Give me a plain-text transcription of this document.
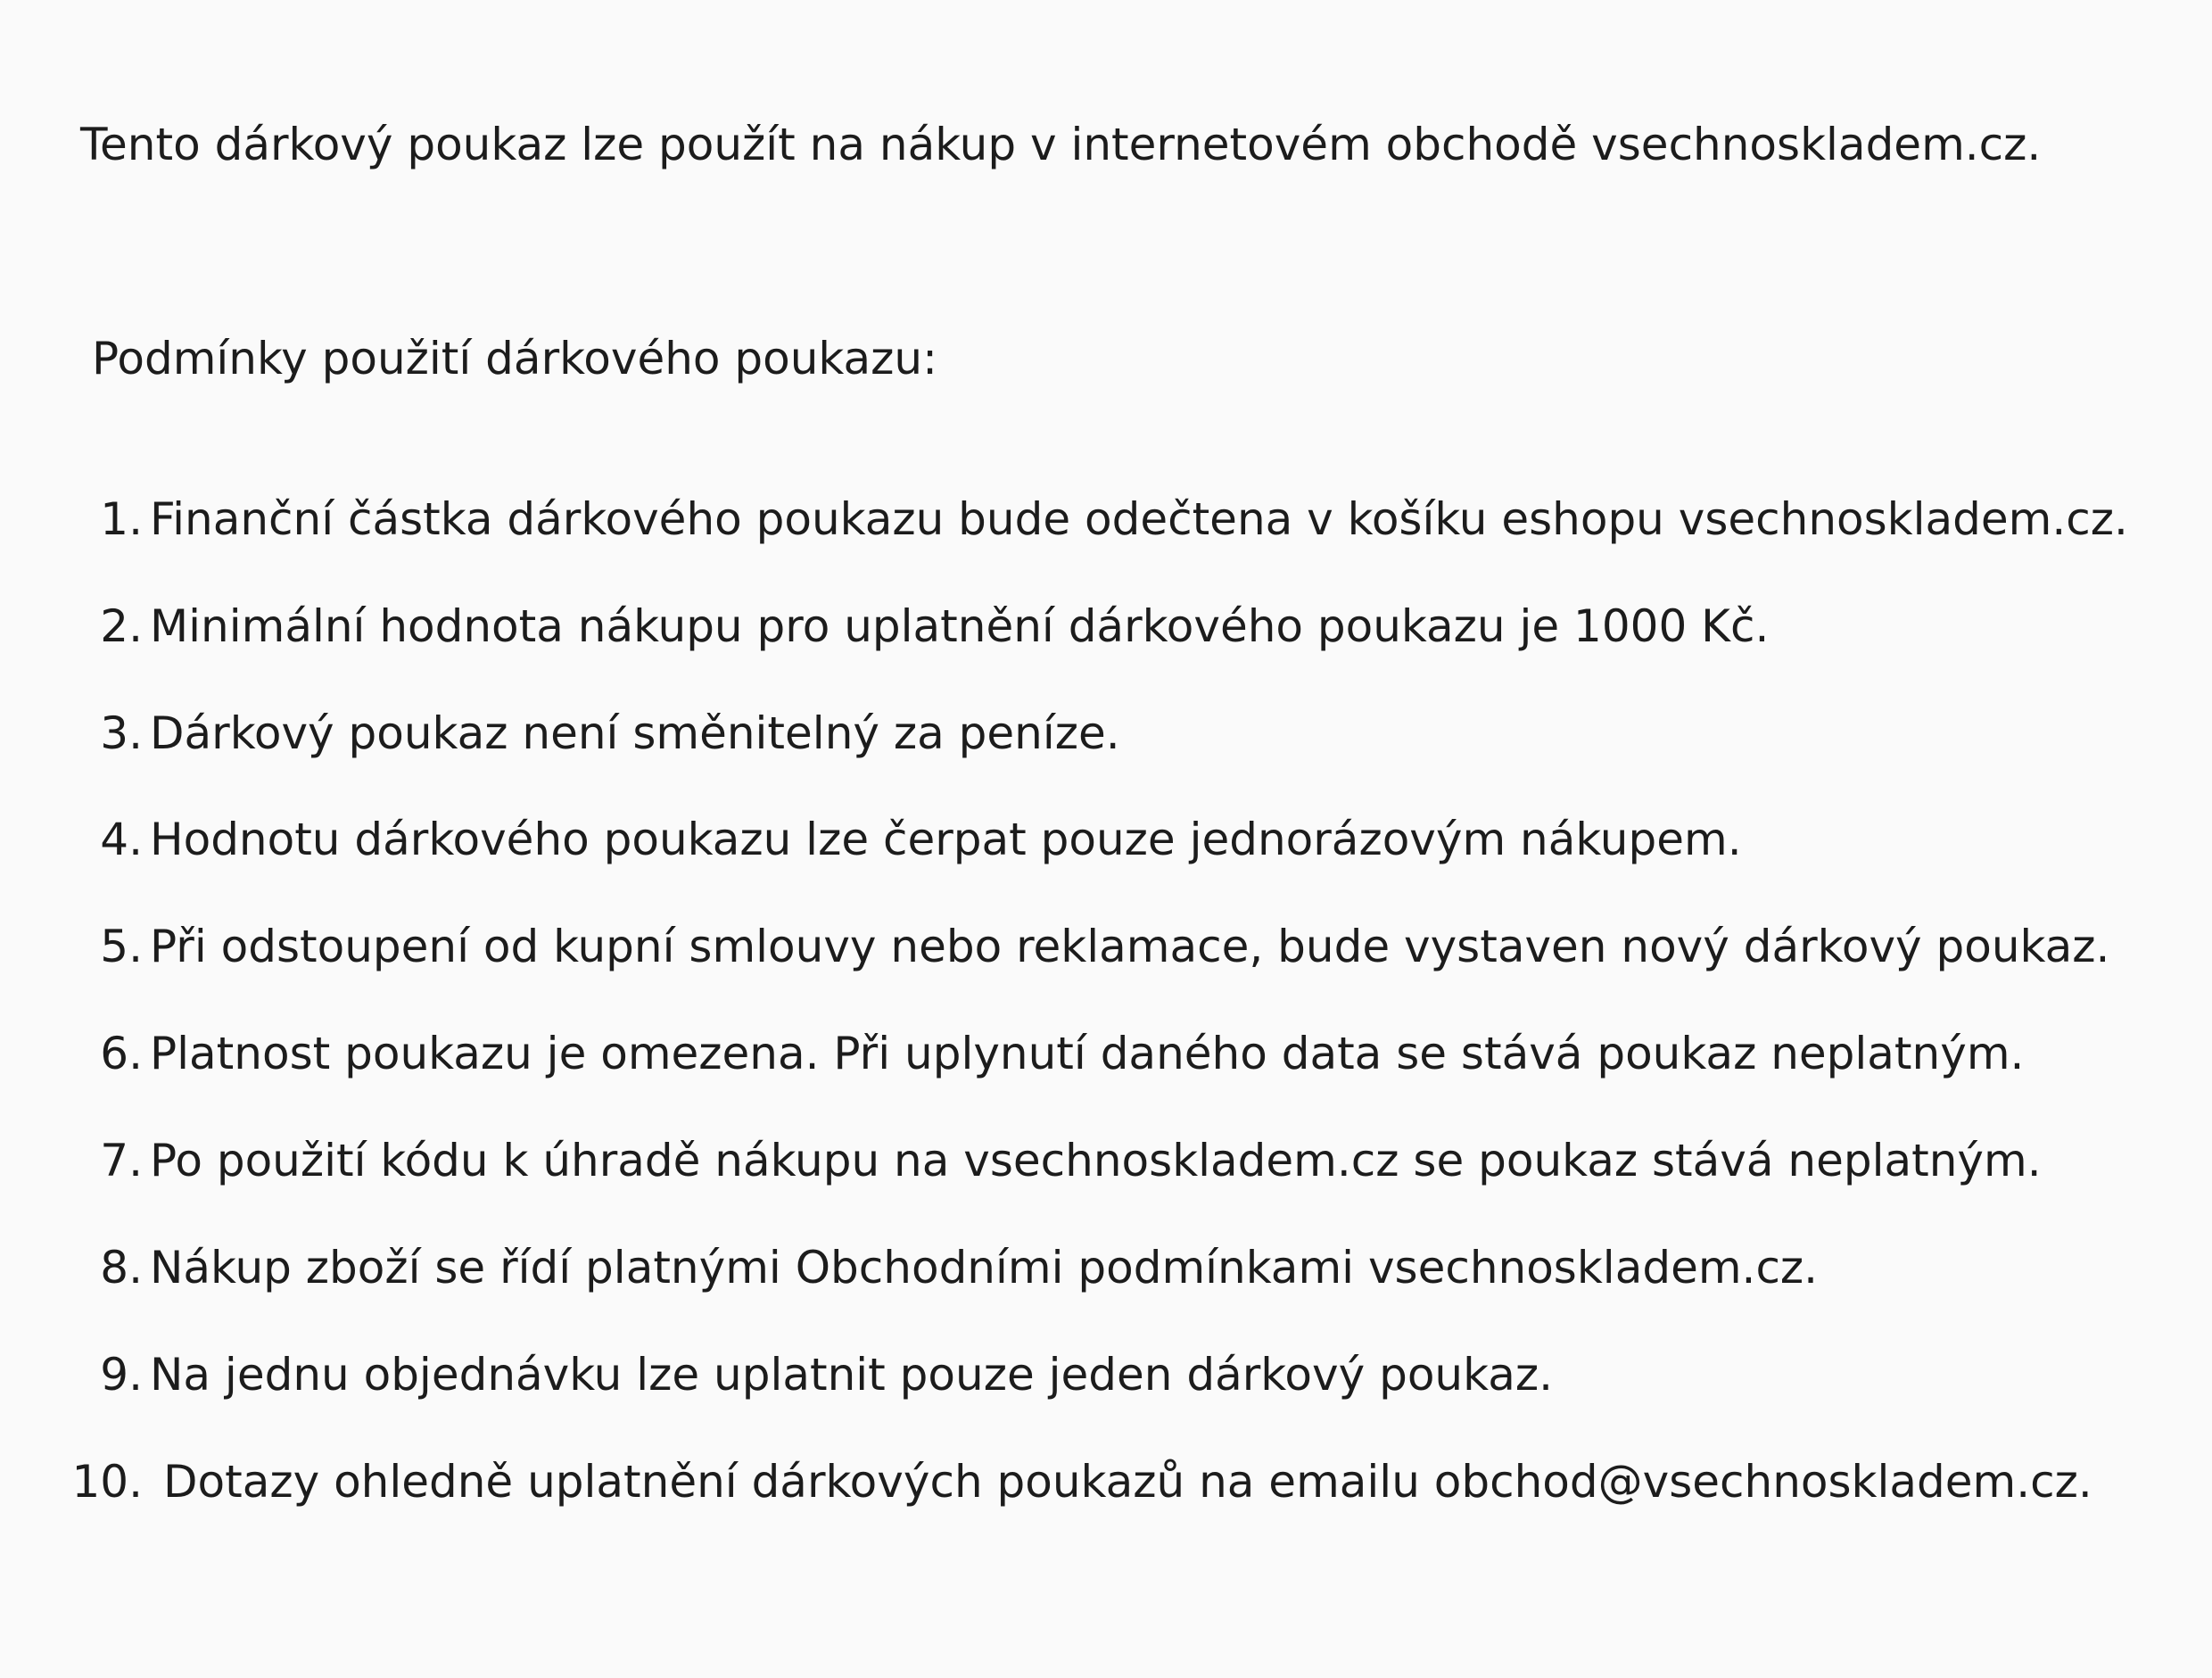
Tento dárkový poukaz lze použít na nákup v internetovém obchodě vsechnoskladem.cz.

Podmínky použití dárkového poukazu:
1. Finanční částka dárkového poukazu bude odečtena v košíku eshopu vsechnoskladem.cz.
2. Minimální hodnota nákupu pro uplatnění dárkového poukazu je 1000 Kč.
3. Dárkový poukaz není směnitelný za peníze.
4. Hodnotu dárkového poukazu lze čerpat pouze jednorázovým nákupem.
5. Při odstoupení od kupní smlouvy nebo reklamace, bude vystaven nový dárkový poukaz.
6. Platnost poukazu je omezena. Při uplynutí daného data se stává poukaz neplatným.
7. Po použití kódu k úhradě nákupu na vsechnoskladem.cz se poukaz stává neplatným.
8. Nákup zboží se řídí platnými Obchodními podmínkami vsechnoskladem.cz.
9. Na jednu objednávku lze uplatnit pouze jeden dárkový poukaz.
10. Dotazy ohledně uplatnění dárkových poukazů na emailu obchod@vsechnoskladem.cz.
